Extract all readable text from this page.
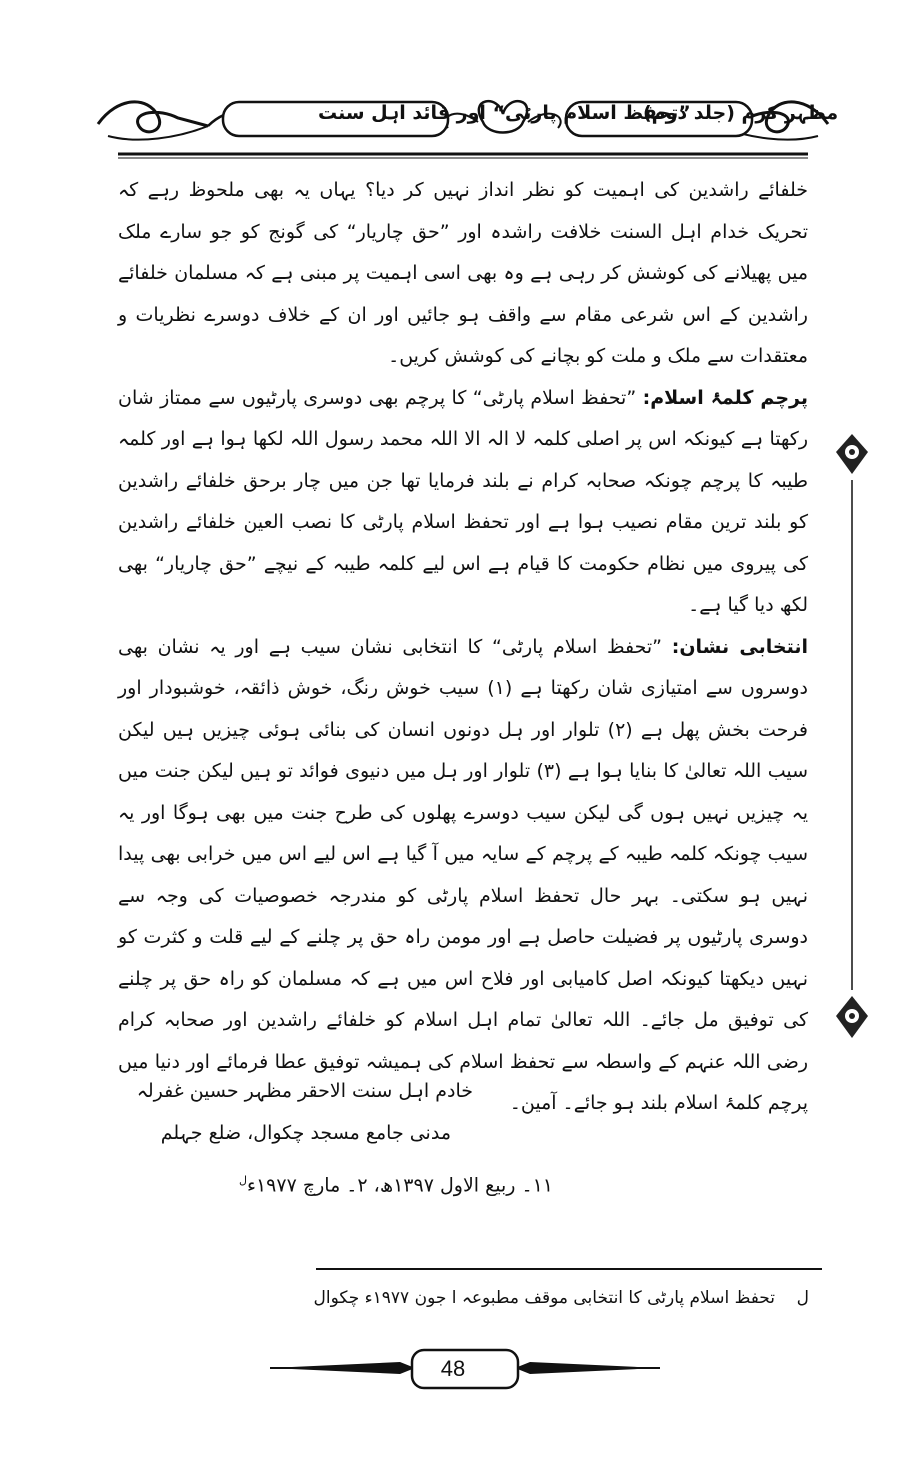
مظہر کرم (جلد دوم)
”تحفظ اسلام پارٹی“ اور قائد اہل سنت

خلفائے راشدین کی اہمیت کو نظر انداز نہیں کر دیا؟ یہاں یہ بھی ملحوظ رہے کہ تحریک خدام اہل السنت خلافت راشدہ اور ”حق چاریار“ کی گونج کو جو سارے ملک میں پھیلانے کی کوشش کر رہی ہے وہ بھی اسی اہمیت پر مبنی ہے کہ مسلمان خلفائے راشدین کے اس شرعی مقام سے واقف ہو جائیں اور ان کے خلاف دوسرے نظریات و معتقدات سے ملک و ملت کو بچانے کی کوشش کریں۔

پرچم کلمۂ اسلام: ”تحفظ اسلام پارٹی“ کا پرچم بھی دوسری پارٹیوں سے ممتاز شان رکھتا ہے کیونکہ اس پر اصلی کلمہ لا الہ الا اللہ محمد رسول اللہ لکھا ہوا ہے اور کلمہ طیبہ کا پرچم چونکہ صحابہ کرام نے بلند فرمایا تھا جن میں چار برحق خلفائے راشدین کو بلند ترین مقام نصیب ہوا ہے اور تحفظ اسلام پارٹی کا نصب العین خلفائے راشدین کی پیروی میں نظام حکومت کا قیام ہے اس لیے کلمہ طیبہ کے نیچے ”حق چاریار“ بھی لکھ دیا گیا ہے۔

انتخابی نشان: ”تحفظ اسلام پارٹی“ کا انتخابی نشان سیب ہے اور یہ نشان بھی دوسروں سے امتیازی شان رکھتا ہے (۱) سیب خوش رنگ، خوش ذائقہ، خوشبودار اور فرحت بخش پھل ہے (۲) تلوار اور ہل دونوں انسان کی بنائی ہوئی چیزیں ہیں لیکن سیب اللہ تعالیٰ کا بنایا ہوا ہے (۳) تلوار اور ہل میں دنیوی فوائد تو ہیں لیکن جنت میں یہ چیزیں نہیں ہوں گی لیکن سیب دوسرے پھلوں کی طرح جنت میں بھی ہوگا اور یہ سیب چونکہ کلمہ طیبہ کے پرچم کے سایہ میں آ گیا ہے اس لیے اس میں خرابی بھی پیدا نہیں ہو سکتی۔ بہر حال تحفظ اسلام پارٹی کو مندرجہ خصوصیات کی وجہ سے دوسری پارٹیوں پر فضیلت حاصل ہے اور مومن راہ حق پر چلنے کے لیے قلت و کثرت کو نہیں دیکھتا کیونکہ اصل کامیابی اور فلاح اس میں ہے کہ مسلمان کو راہ حق پر چلنے کی توفیق مل جائے۔ اللہ تعالیٰ تمام اہل اسلام کو خلفائے راشدین اور صحابہ کرام رضی اللہ عنہم کے واسطہ سے تحفظ اسلام کی ہمیشہ توفیق عطا فرمائے اور دنیا میں پرچم کلمۂ اسلام بلند ہو جائے۔ آمین۔

خادم اہل سنت الاحقر مظہر حسین غفرلہ
مدنی جامع مسجد چکوال، ضلع جہلم
۱۱۔ ربیع الاول ۱۳۹۷ھ، ۲۔ مارچ ۱۹۷۷ء$^ل$
ل    تحفظ اسلام پارٹی کا انتخابی موقف مطبوعہ ا جون ۱۹۷۷ء چکوال
48
